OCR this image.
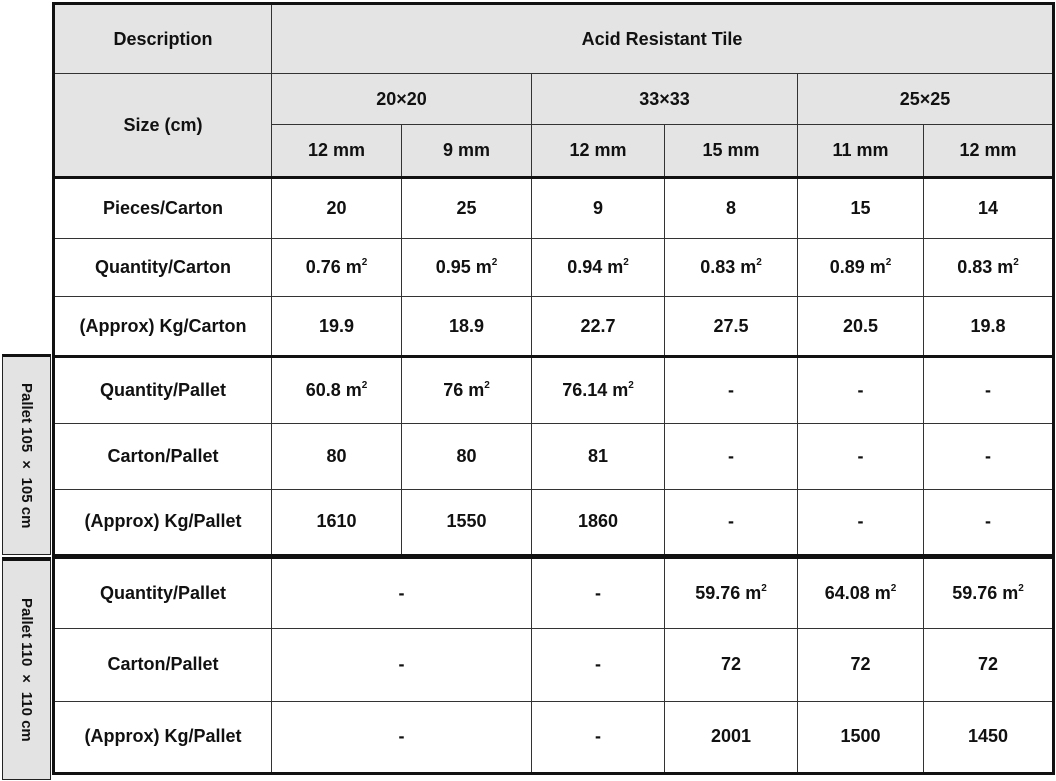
Pallet 105 × 105 cm
Pallet 110 × 110 cm
Description	Acid Resistant Tile					
Size (cm)	20×20		33×33		25×25	
	12 mm	9 mm	12 mm	15 mm	11 mm	12 mm
Pieces/Carton	20	25	9	8	15	14
Quantity/Carton	0.76 $m^2$	0.95 $m^2$	0.94 $m^2$	0.83 $m^2$	0.89 $m^2$	0.83 $m^2$
(Approx) Kg/Carton	19.9	18.9	22.7	27.5	20.5	19.8
Quantity/Pallet	60.8 $m^2$	76 $m^2$	76.14 $m^2$	-	-	-
Carton/Pallet	80	80	81	-	-	-
(Approx) Kg/Pallet	1610	1550	1860	-	-	-
Quantity/Pallet	-		-	59.76 $m^2$	64.08 $m^2$	59.76 $m^2$
Carton/Pallet	-		-	72	72	72
(Approx) Kg/Pallet	-		-	2001	1500	1450
